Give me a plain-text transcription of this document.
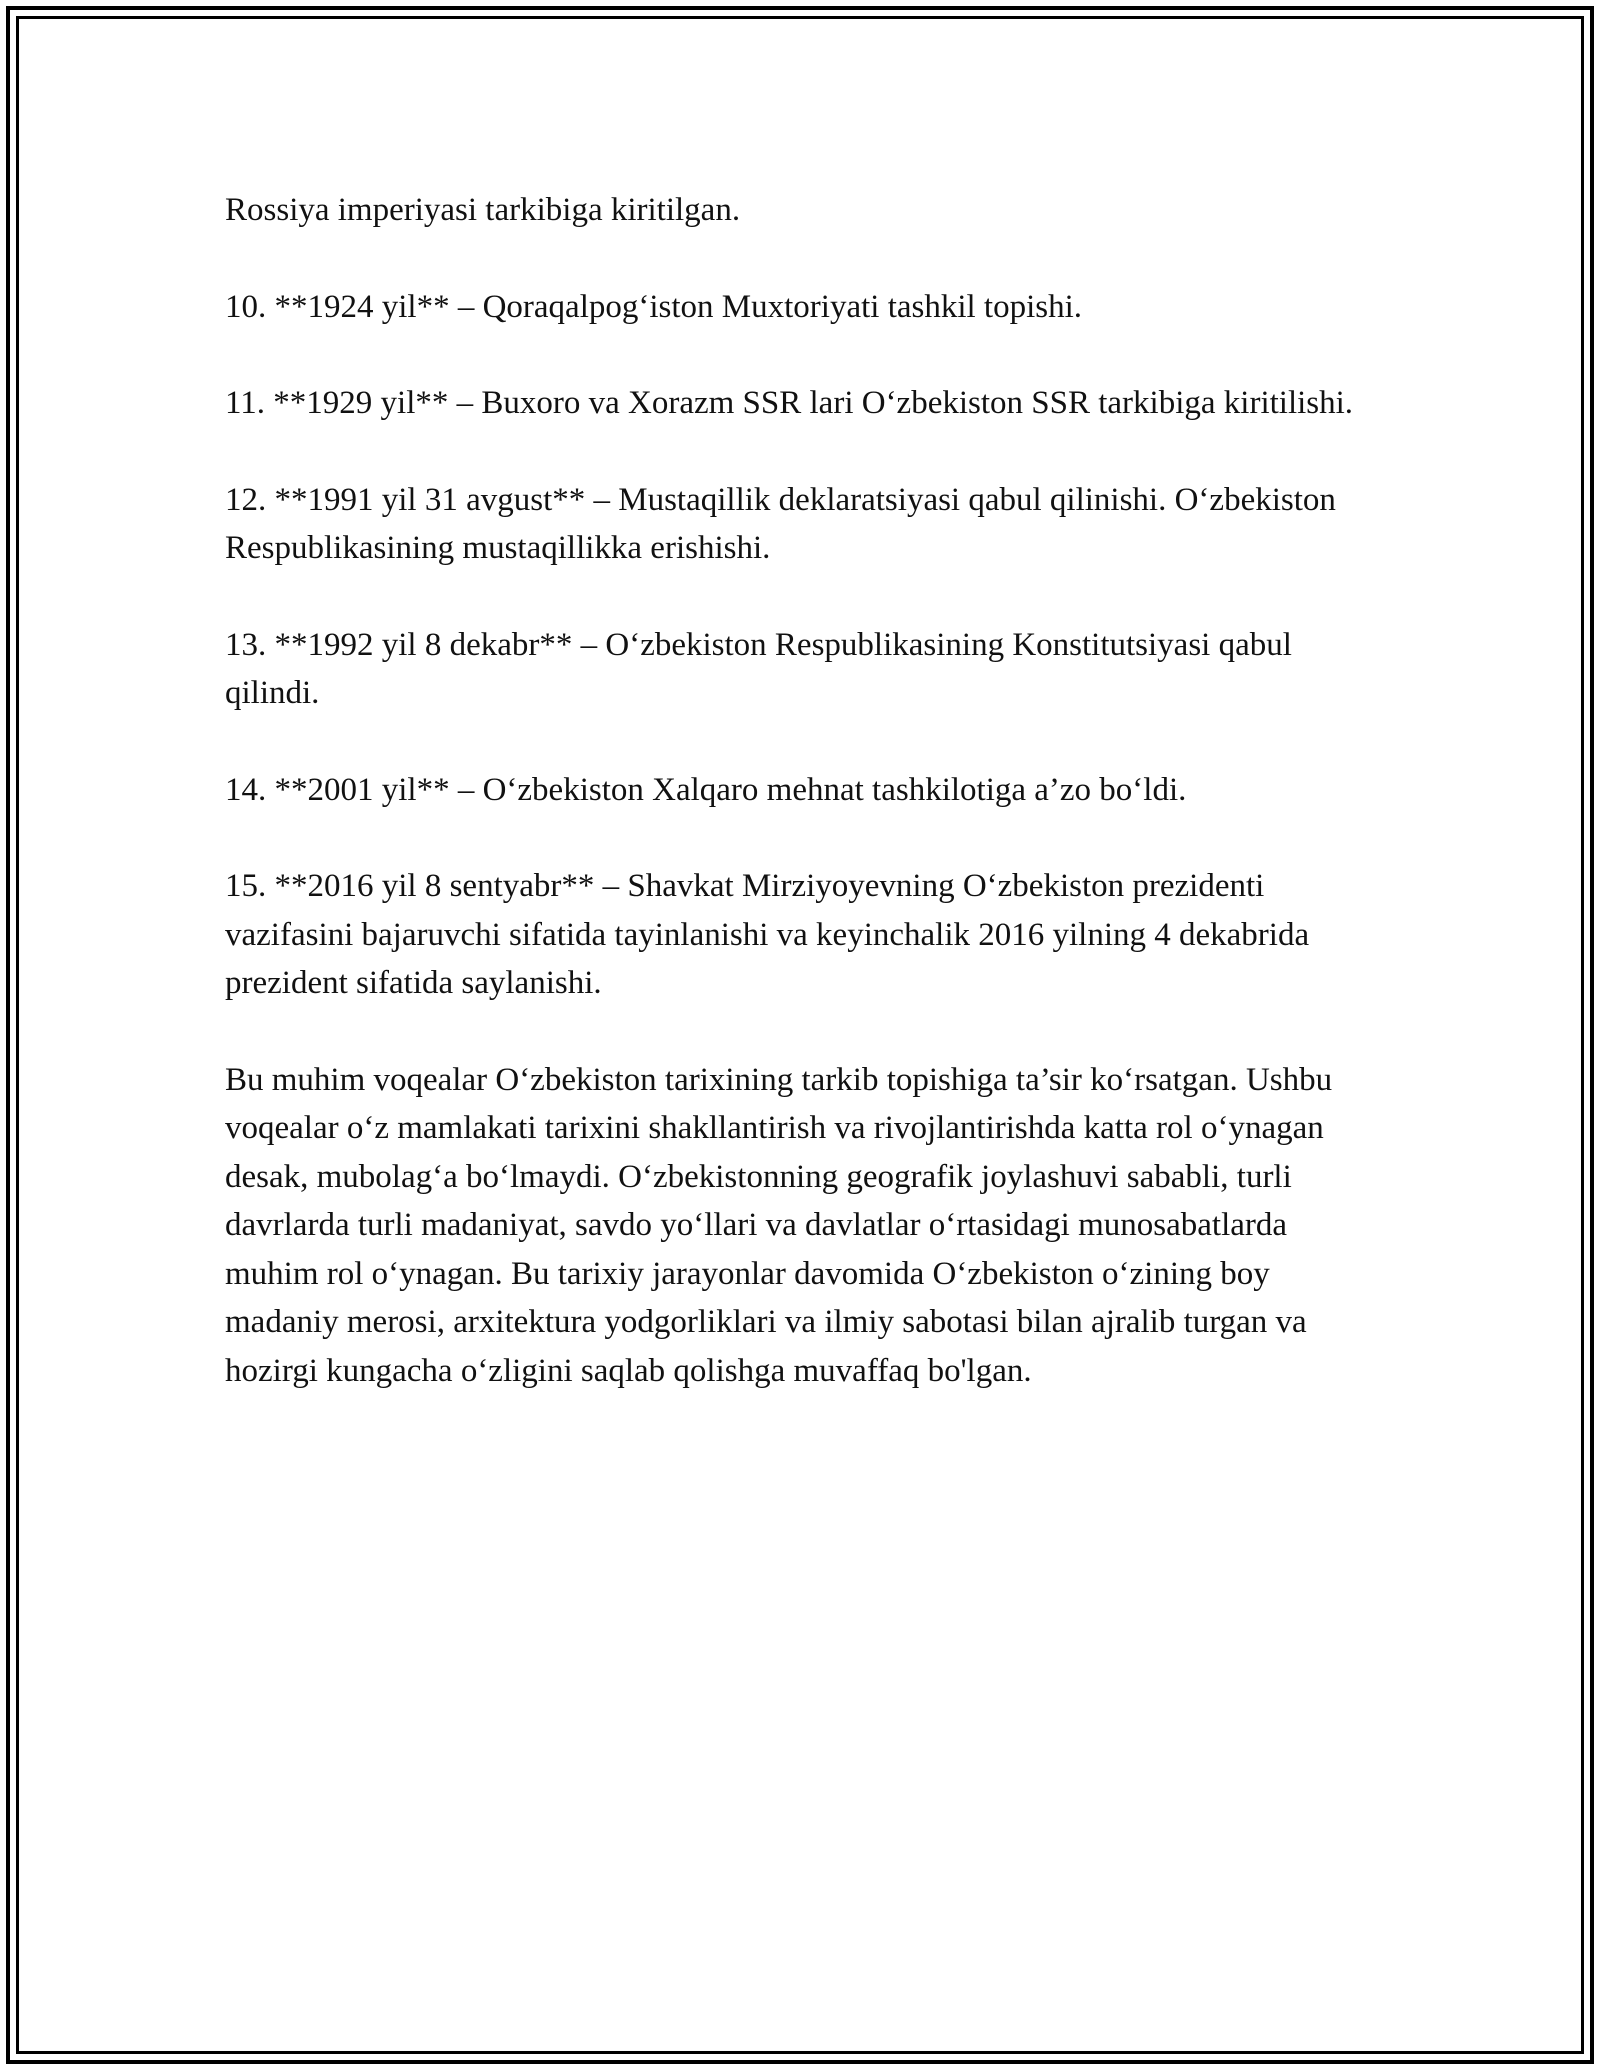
Rossiya imperiyasi tarkibiga kiritilgan.

10. **1924 yil** – Qoraqalpogʻiston Muxtoriyati tashkil topishi.

11. **1929 yil** – Buxoro va Xorazm SSR lari Oʻzbekiston SSR tarkibiga kiritilishi.

12. **1991 yil 31 avgust** – Mustaqillik deklaratsiyasi qabul qilinishi. Oʻzbekiston Respublikasining mustaqillikka erishishi.

13. **1992 yil 8 dekabr** – Oʻzbekiston Respublikasining Konstitutsiyasi qabul qilindi.

14. **2001 yil** – Oʻzbekiston Xalqaro mehnat tashkilotiga a’zo boʻldi.

15. **2016 yil 8 sentyabr** – Shavkat Mirziyoyevning Oʻzbekiston prezidenti vazifasini bajaruvchi sifatida tayinlanishi va keyinchalik 2016 yilning 4 dekabrida prezident sifatida saylanishi.

Bu muhim voqealar Oʻzbekiston tarixining tarkib topishiga ta’sir koʻrsatgan. Ushbu voqealar oʻz mamlakati tarixini shakllantirish va rivojlantirishda katta rol oʻynagan desak, mubolagʻa boʻlmaydi. Oʻzbekistonning geografik joylashuvi sababli, turli davrlarda turli madaniyat, savdo yoʻllari va davlatlar oʻrtasidagi munosabatlarda muhim rol oʻynagan. Bu tarixiy jarayonlar davomida Oʻzbekiston oʻzining boy madaniy merosi, arxitektura yodgorliklari va ilmiy sabotasi bilan ajralib turgan va hozirgi kungacha oʻzligini saqlab qolishga muvaffaq bo'lgan.
